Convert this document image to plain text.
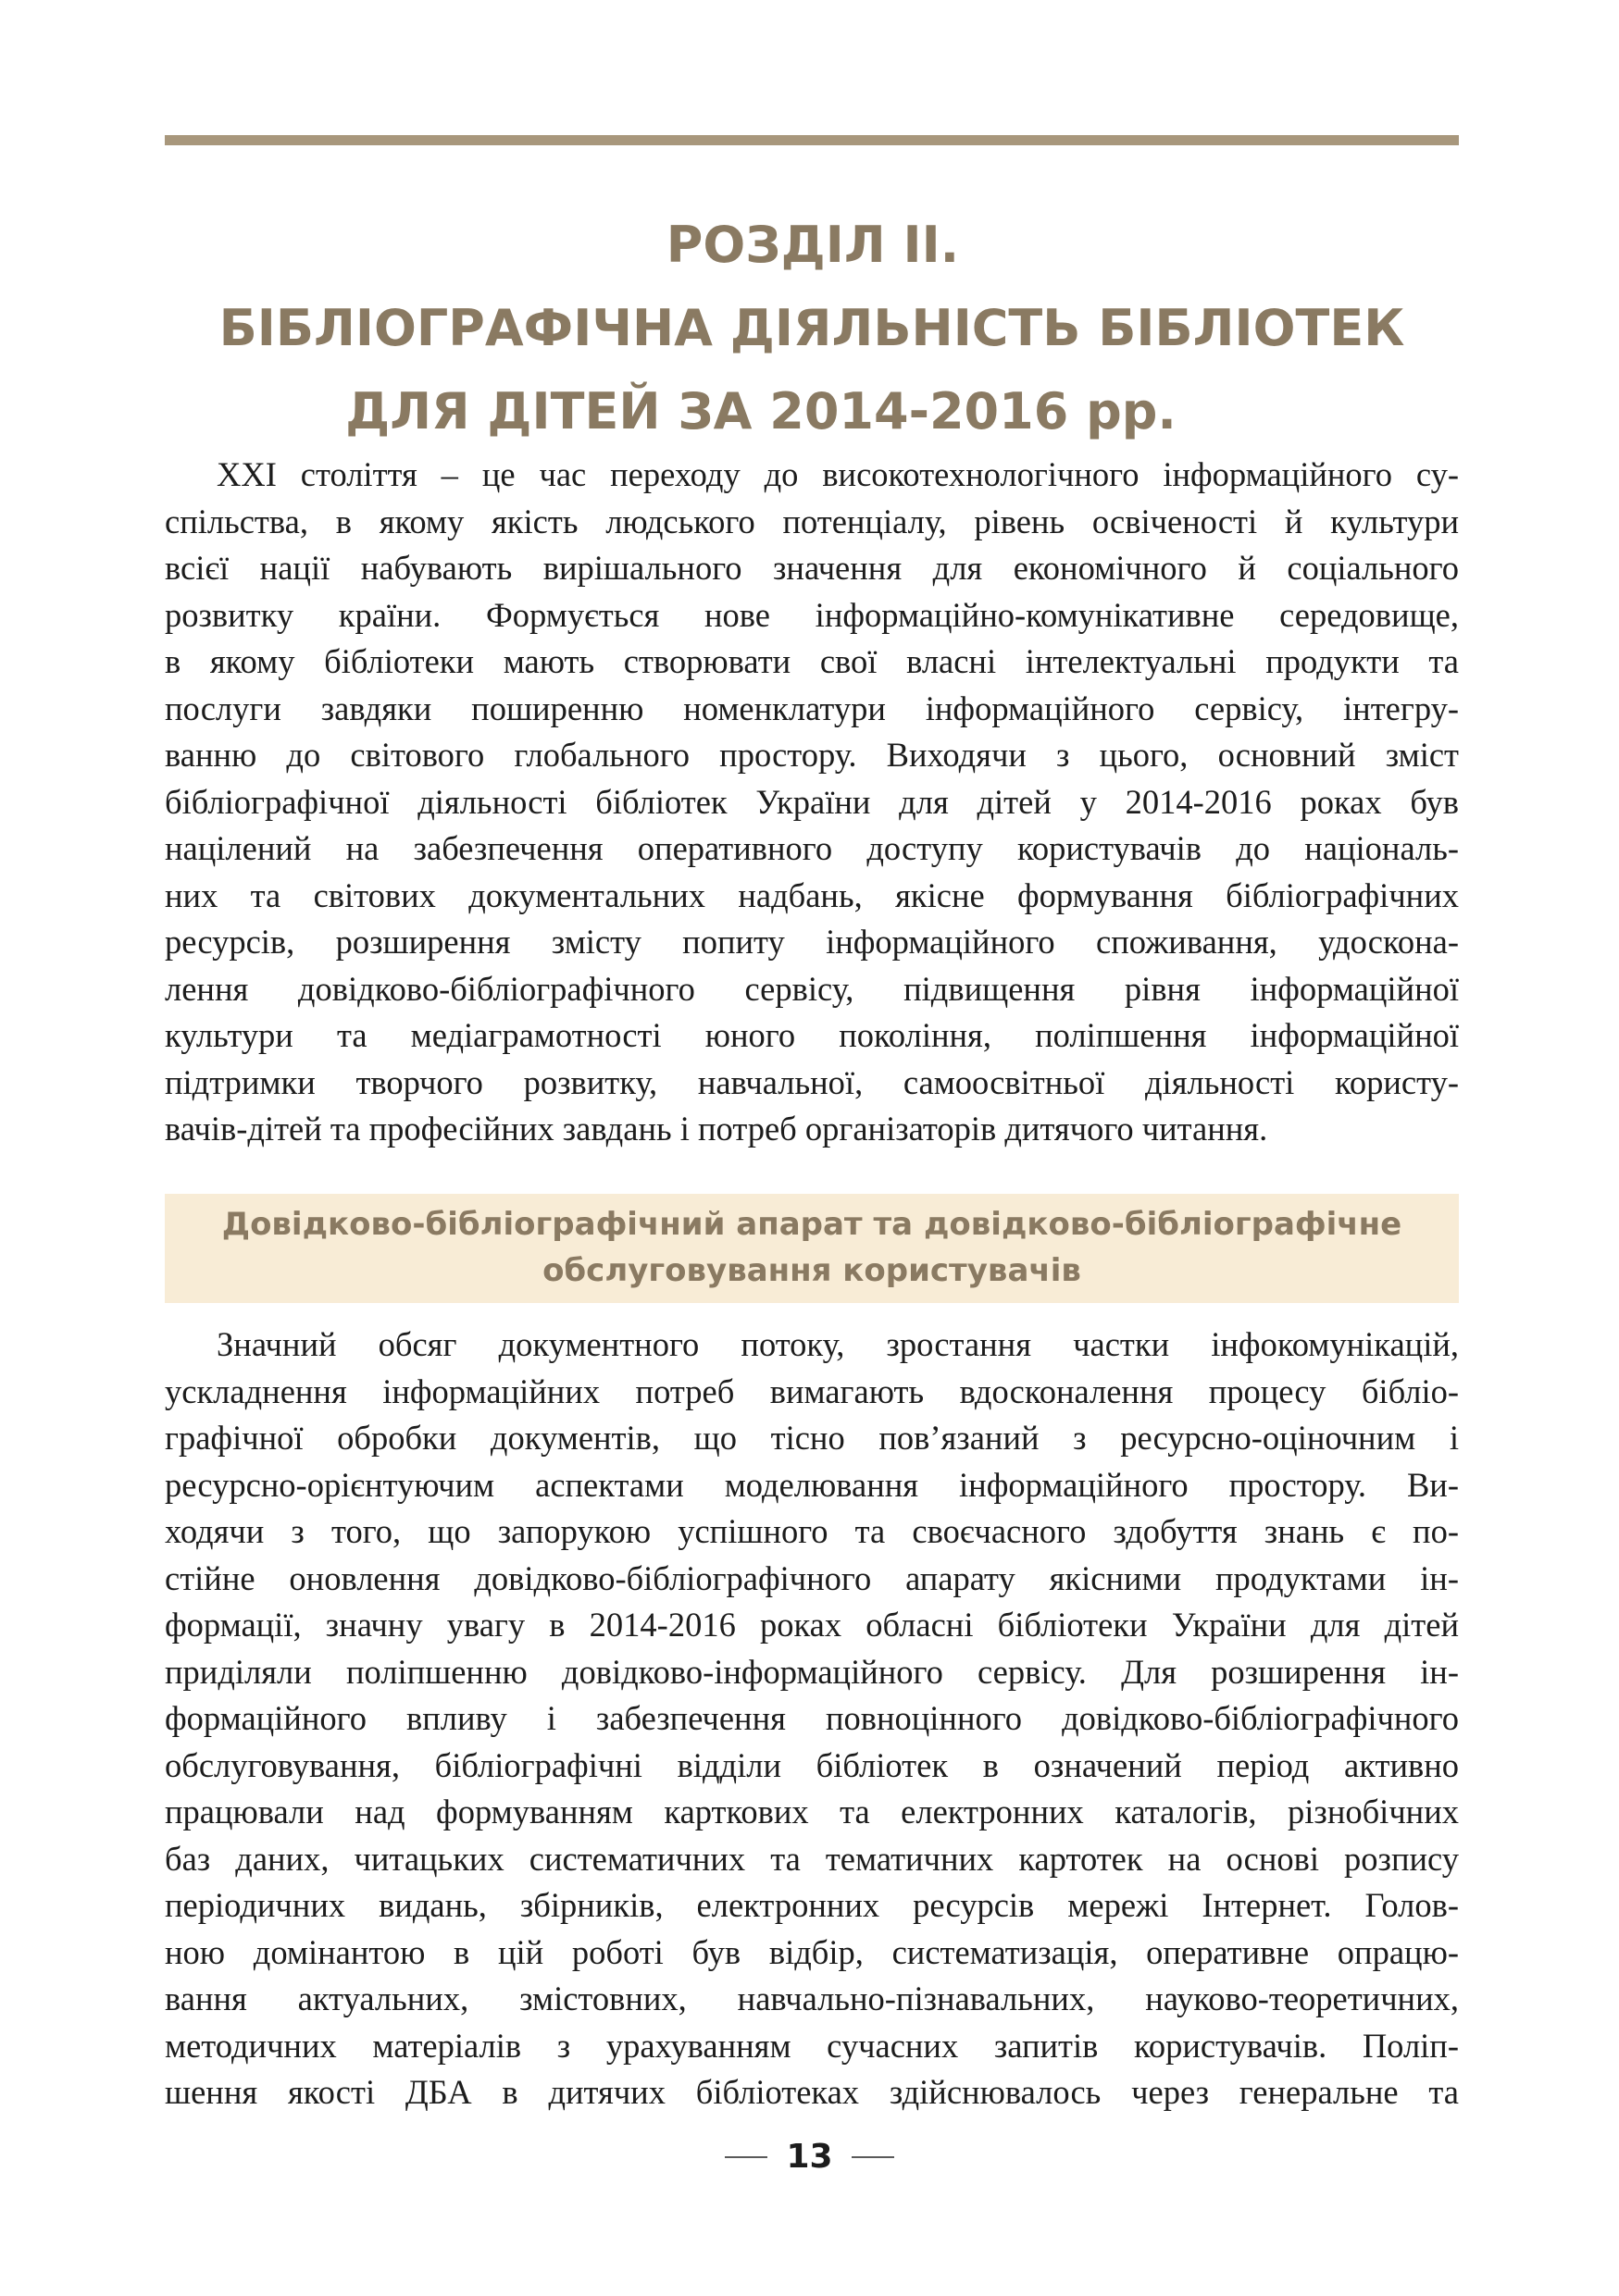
РОЗДІЛ ІІ.
БІБЛІОГРАФІЧНА ДІЯЛЬНІСТЬ БІБЛІОТЕК
ДЛЯ ДІТЕЙ ЗА 2014-2016 рр.

XXI століття – це час переходу до високотехнологічного інформаційного су-
спільства, в якому якість людського потенціалу, рівень освіченості й культури
всієї нації набувають вирішального значення для економічного й соціального
розвитку країни. Формується нове інформаційно-комунікативне середовище,
в якому бібліотеки мають створювати свої власні інтелектуальні продукти та
послуги завдяки поширенню номенклатури інформаційного сервісу, інтегру-
ванню до світового глобального простору. Виходячи з цього, основний зміст
бібліографічної діяльності бібліотек України для дітей у 2014-2016 роках був
націлений на забезпечення оперативного доступу користувачів до національ-
них та світових документальних надбань, якісне формування бібліографічних
ресурсів, розширення змісту попиту інформаційного споживання, удоскона-
лення довідково-бібліографічного сервісу, підвищення рівня інформаційної
культури та медіаграмотності юного покоління, поліпшення інформаційної
підтримки творчого розвитку, навчальної, самоосвітньої діяльності користу-
вачів-дітей та професійних завдань і потреб організаторів дитячого читання.

Довідково-бібліографічний апарат та довідково-бібліографічне
обслуговування користувачів

Значний обсяг документного потоку, зростання частки інфокомунікацій,
ускладнення інформаційних потреб вимагають вдосконалення процесу бібліо-
графічної обробки документів, що тісно пов’язаний з ресурсно-оціночним і
ресурсно-орієнтуючим аспектами моделювання інформаційного простору. Ви-
ходячи з того, що запорукою успішного та своєчасного здобуття знань є по-
стійне оновлення довідково-бібліографічного апарату якісними продуктами ін-
формації, значну увагу в 2014-2016 роках обласні бібліотеки України для дітей
приділяли поліпшенню довідково-інформаційного сервісу. Для розширення ін-
формаційного впливу і забезпечення повноцінного довідково-бібліографічного
обслуговування, бібліографічні відділи бібліотек в означений період активно
працювали над формуванням карткових та електронних каталогів, різнобічних
баз даних, читацьких систематичних та тематичних картотек на основі розпису
періодичних видань, збірників, електронних ресурсів мережі Інтернет. Голов-
ною домінантою в цій роботі був відбір, систематизація, оперативне опрацю-
вання актуальних, змістовних, навчально-пізнавальних, науково-теоретичних,
методичних матеріалів з урахуванням сучасних запитів користувачів. Поліп-
шення якості ДБА в дитячих бібліотеках здійснювалось через генеральне та

13
